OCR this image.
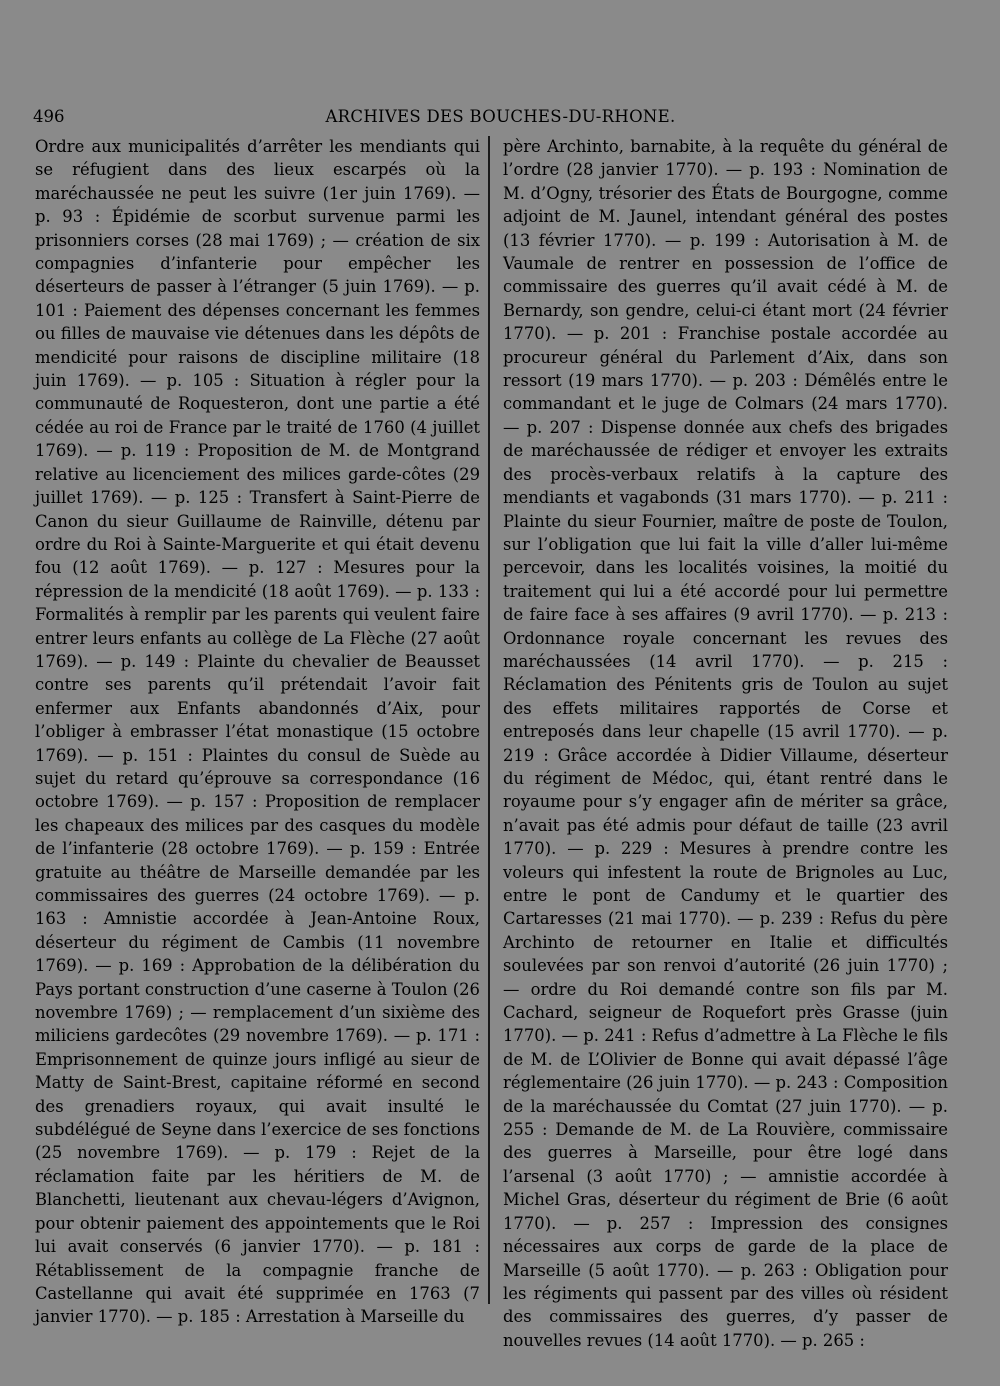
496	ARCHIVES DES BOUCHES-DU-RHONE.

Ordre aux municipalités d’arrêter les mendiants qui se réfugient dans des lieux escarpés où la maréchaussée ne peut les suivre (1er juin 1769). — p. 93 : Épidémie de scorbut survenue parmi les prisonniers corses (28 mai 1769) ; — création de six compagnies d’infanterie pour empêcher les déserteurs de passer à l’étranger (5 juin 1769). — p. 101 : Paiement des dépenses concernant les femmes ou filles de mauvaise vie détenues dans les dépôts de mendicité pour raisons de discipline militaire (18 juin 1769). — p. 105 : Situation à régler pour la communauté de Roquesteron, dont une partie a été cédée au roi de France par le traité de 1760 (4 juillet 1769). — p. 119 : Proposition de M. de Montgrand relative au licenciement des milices garde-côtes (29 juillet 1769). — p. 125 : Transfert à Saint-Pierre de Canon du sieur Guillaume de Rainville, détenu par ordre du Roi à Sainte-Marguerite et qui était devenu fou (12 août 1769). — p. 127 : Mesures pour la répression de la mendicité (18 août 1769). — p. 133 : Formalités à remplir par les parents qui veulent faire entrer leurs enfants au collège de La Flèche (27 août 1769). — p. 149 : Plainte du chevalier de Beausset contre ses parents qu’il prétendait l’avoir fait enfermer aux Enfants abandonnés d’Aix, pour l’obliger à embrasser l’état monastique (15 octobre 1769). — p. 151 : Plaintes du consul de Suède au sujet du retard qu’éprouve sa correspondance (16 octobre 1769). — p. 157 : Proposition de remplacer les chapeaux des milices par des casques du modèle de l’infanterie (28 octobre 1769). — p. 159 : Entrée gratuite au théâtre de Marseille demandée par les commissaires des guerres (24 octobre 1769). — p. 163 : Amnistie accordée à Jean-Antoine Roux, déserteur du régiment de Cambis (11 novembre 1769). — p. 169 : Approbation de la délibération du Pays portant construction d’une caserne à Toulon (26 novembre 1769) ; — remplacement d’un sixième des miliciens gardecôtes (29 novembre 1769). — p. 171 : Emprisonnement de quinze jours infligé au sieur de Matty de Saint-Brest, capitaine réformé en second des grenadiers royaux, qui avait insulté le subdélégué de Seyne dans l’exercice de ses fonctions (25 novembre 1769). — p. 179 : Rejet de la réclamation faite par les héritiers de M. de Blanchetti, lieutenant aux chevau-légers d’Avignon, pour obtenir paiement des appointements que le Roi lui avait conservés (6 janvier 1770). — p. 181 : Rétablissement de la compagnie franche de Castellanne qui avait été supprimée en 1763 (7 janvier 1770). — p. 185 : Arrestation à Marseille du

père Archinto, barnabite, à la requête du général de l’ordre (28 janvier 1770). — p. 193 : Nomination de M. d’Ogny, trésorier des États de Bourgogne, comme adjoint de M. Jaunel, intendant général des postes (13 février 1770). — p. 199 : Autorisation à M. de Vaumale de rentrer en possession de l’office de commissaire des guerres qu’il avait cédé à M. de Bernardy, son gendre, celui-ci étant mort (24 février 1770). — p. 201 : Franchise postale accordée au procureur général du Parlement d’Aix, dans son ressort (19 mars 1770). — p. 203 : Démêlés entre le commandant et le juge de Colmars (24 mars 1770). — p. 207 : Dispense donnée aux chefs des brigades de maréchaussée de rédiger et envoyer les extraits des procès-verbaux relatifs à la capture des mendiants et vagabonds (31 mars 1770). — p. 211 : Plainte du sieur Fournier, maître de poste de Toulon, sur l’obligation que lui fait la ville d’aller lui-même percevoir, dans les localités voisines, la moitié du traitement qui lui a été accordé pour lui permettre de faire face à ses affaires (9 avril 1770). — p. 213 : Ordonnance royale concernant les revues des maréchaussées (14 avril 1770). — p. 215 : Réclamation des Pénitents gris de Toulon au sujet des effets militaires rapportés de Corse et entreposés dans leur chapelle (15 avril 1770). — p. 219 : Grâce accordée à Didier Villaume, déserteur du régiment de Médoc, qui, étant rentré dans le royaume pour s’y engager afin de mériter sa grâce, n’avait pas été admis pour défaut de taille (23 avril 1770). — p. 229 : Mesures à prendre contre les voleurs qui infestent la route de Brignoles au Luc, entre le pont de Candumy et le quartier des Cartaresses (21 mai 1770). — p. 239 : Refus du père Archinto de retourner en Italie et difficultés soulevées par son renvoi d’autorité (26 juin 1770) ; — ordre du Roi demandé contre son fils par M. Cachard, seigneur de Roquefort près Grasse (juin 1770). — p. 241 : Refus d’admettre à La Flèche le fils de M. de L’Olivier de Bonne qui avait dépassé l’âge réglementaire (26 juin 1770). — p. 243 : Composition de la maréchaussée du Comtat (27 juin 1770). — p. 255 : Demande de M. de La Rouvière, commissaire des guerres à Marseille, pour être logé dans l’arsenal (3 août 1770) ; — amnistie accordée à Michel Gras, déserteur du régiment de Brie (6 août 1770). — p. 257 : Impression des consignes nécessaires aux corps de garde de la place de Marseille (5 août 1770). — p. 263 : Obligation pour les régiments qui passent par des villes où résident des commissaires des guerres, d’y passer de nouvelles revues (14 août 1770). — p. 265 :
